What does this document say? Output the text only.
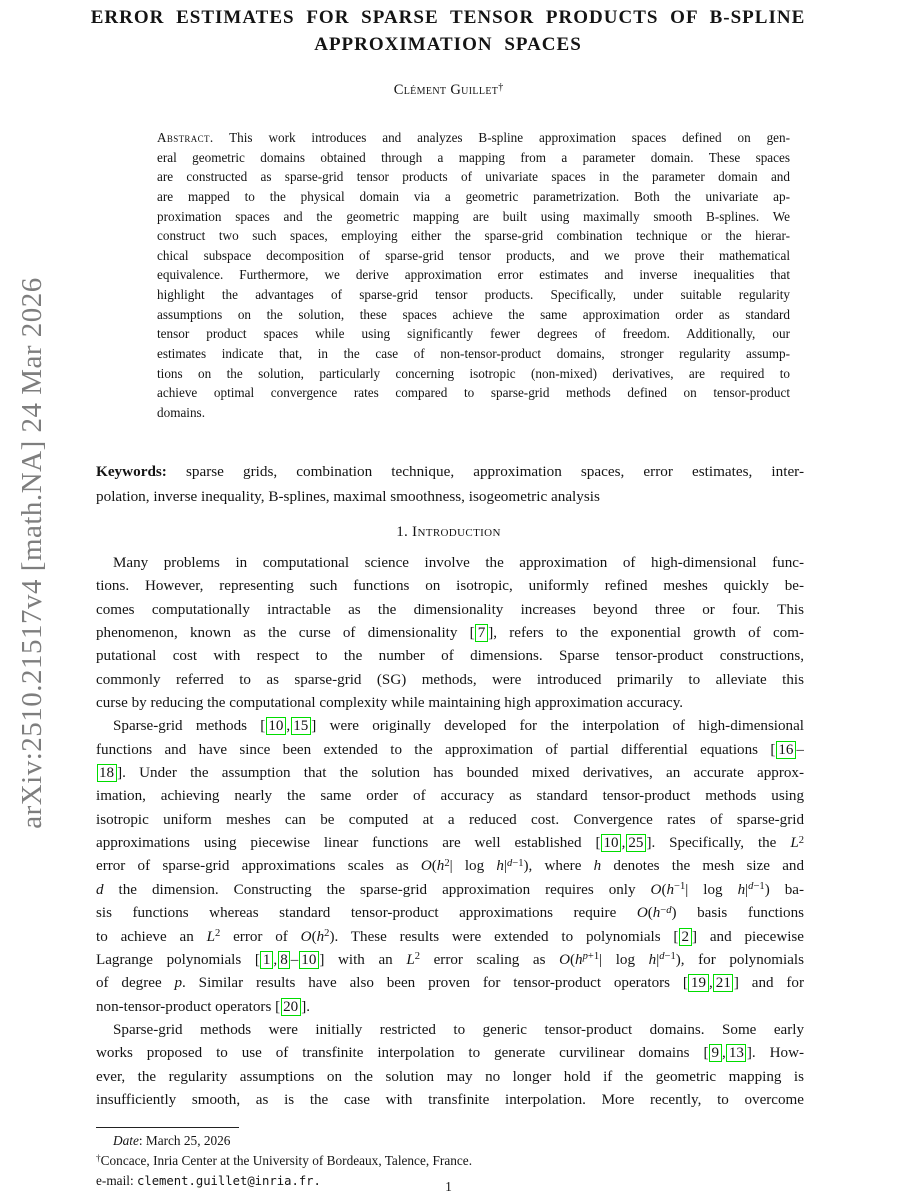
arXiv:2510.21517v4 [math.NA] 24 Mar 2026
ERROR ESTIMATES FOR SPARSE TENSOR PRODUCTS OF B-SPLINE
APPROXIMATION SPACES
Clément Guillet†
Abstract. This work introduces and analyzes B-spline approximation spaces defined on gen-
eral geometric domains obtained through a mapping from a parameter domain. These spaces
are constructed as sparse-grid tensor products of univariate spaces in the parameter domain and
are mapped to the physical domain via a geometric parametrization. Both the univariate ap-
proximation spaces and the geometric mapping are built using maximally smooth B-splines. We
construct two such spaces, employing either the sparse-grid combination technique or the hierar-
chical subspace decomposition of sparse-grid tensor products, and we prove their mathematical
equivalence. Furthermore, we derive approximation error estimates and inverse inequalities that
highlight the advantages of sparse-grid tensor products. Specifically, under suitable regularity
assumptions on the solution, these spaces achieve the same approximation order as standard
tensor product spaces while using significantly fewer degrees of freedom. Additionally, our
estimates indicate that, in the case of non-tensor-product domains, stronger regularity assump-
tions on the solution, particularly concerning isotropic (non-mixed) derivatives, are required to
achieve optimal convergence rates compared to sparse-grid methods defined on tensor-product
domains.
Keywords: sparse grids, combination technique, approximation spaces, error estimates, inter-
polation, inverse inequality, B-splines, maximal smoothness, isogeometric analysis
1. Introduction
Many problems in computational science involve the approximation of high-dimensional func-
tions. However, representing such functions on isotropic, uniformly refined meshes quickly be-
comes computationally intractable as the dimensionality increases beyond three or four. This
phenomenon, known as the curse of dimensionality [ 7 ], refers to the exponential growth of com-
putational cost with respect to the number of dimensions. Sparse tensor-product constructions,
commonly referred to as sparse-grid (SG) methods, were introduced primarily to alleviate this
curse by reducing the computational complexity while maintaining high approximation accuracy.
Sparse-grid methods [ 10 , 15 ] were originally developed for the interpolation of high-dimensional
functions and have since been extended to the approximation of partial differential equations [ 16 –
18 ]. Under the assumption that the solution has bounded mixed derivatives, an accurate approx-
imation, achieving nearly the same order of accuracy as standard tensor-product methods using
isotropic uniform meshes can be computed at a reduced cost. Convergence rates of sparse-grid
approximations using piecewise linear functions are well established [ 10 , 25 ]. Specifically, the $L^2$
error of sparse-grid approximations scales as $O(h^2|$ $\log h|^{d-1}$), where h denotes the mesh size and
d the dimension. Constructing the sparse-grid approximation requires only $O(h^{-1}|$ $\log h|^{d-1}$) ba-
sis functions whereas standard tensor-product approximations require $O(h^{-d})$ basis functions
to achieve an $L^2$ error of $O(h^2)$. These results were extended to polynomials [ 2 ] and piecewise
Lagrange polynomials [ 1 , 8 – 10 ] with an $L^2$ error scaling as $O(h^{p+1}|$ $\log h|^{d-1}$), for polynomials
of degree p. Similar results have also been proven for tensor-product operators [ 19 , 21 ] and for
non-tensor-product operators [ 20 ].
Sparse-grid methods were initially restricted to generic tensor-product domains. Some early
works proposed to use of transfinite interpolation to generate curvilinear domains [ 9 , 13 ]. How-
ever, the regularity assumptions on the solution may no longer hold if the geometric mapping is
insufficiently smooth, as is the case with transfinite interpolation. More recently, to overcome
Date: March 25, 2026
†Concace, Inria Center at the University of Bordeaux, Talence, France.
e-mail: clement.guillet@inria.fr.	1
